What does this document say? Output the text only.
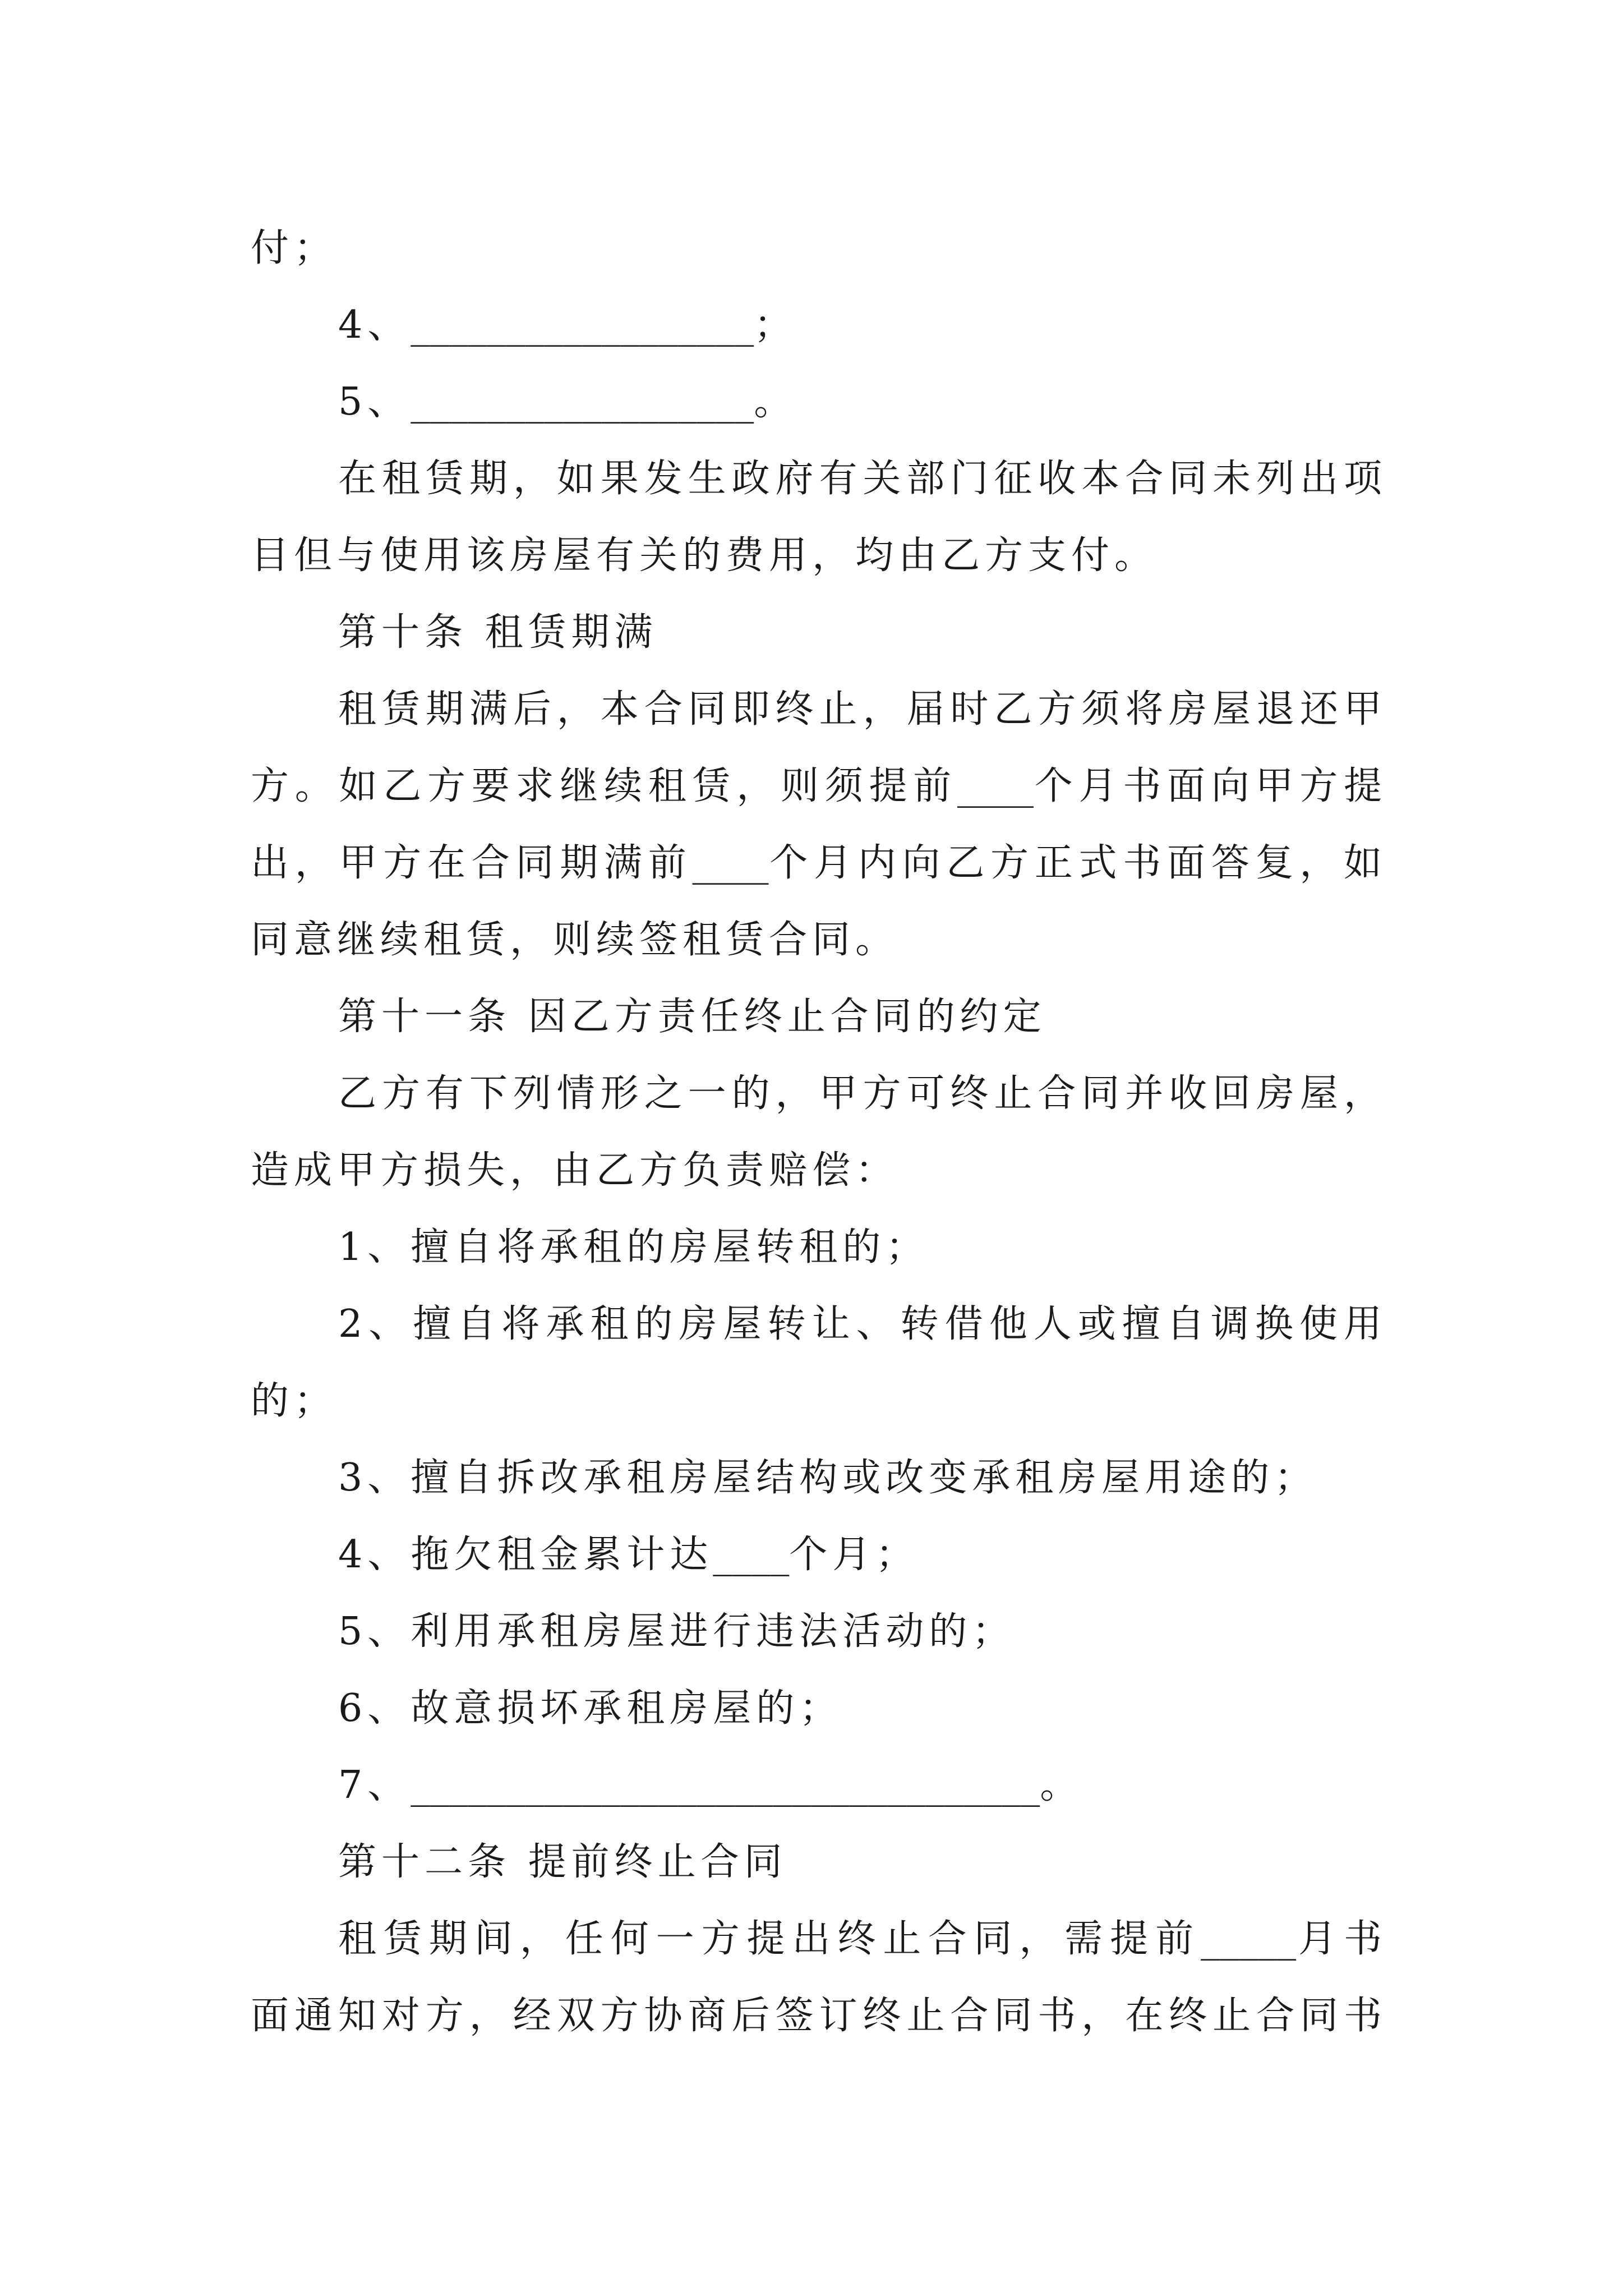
付；
4、__________________；
5、__________________。
在租赁期，如果发生政府有关部门征收本合同未列出项
目但与使用该房屋有关的费用，均由乙方支付。
第十条 租赁期满
租赁期满后，本合同即终止，届时乙方须将房屋退还甲
方。如乙方要求继续租赁，则须提前____个月书面向甲方提
出，甲方在合同期满前____个月内向乙方正式书面答复，如
同意继续租赁，则续签租赁合同。
第十一条 因乙方责任终止合同的约定
乙方有下列情形之一的，甲方可终止合同并收回房屋，
造成甲方损失，由乙方负责赔偿：
1、擅自将承租的房屋转租的；
2、擅自将承租的房屋转让、转借他人或擅自调换使用
的；
3、擅自拆改承租房屋结构或改变承租房屋用途的；
4、拖欠租金累计达____个月；
5、利用承租房屋进行违法活动的；
6、故意损坏承租房屋的；
7、_________________________________。
第十二条 提前终止合同
租赁期间，任何一方提出终止合同，需提前_____月书
面通知对方，经双方协商后签订终止合同书，在终止合同书
